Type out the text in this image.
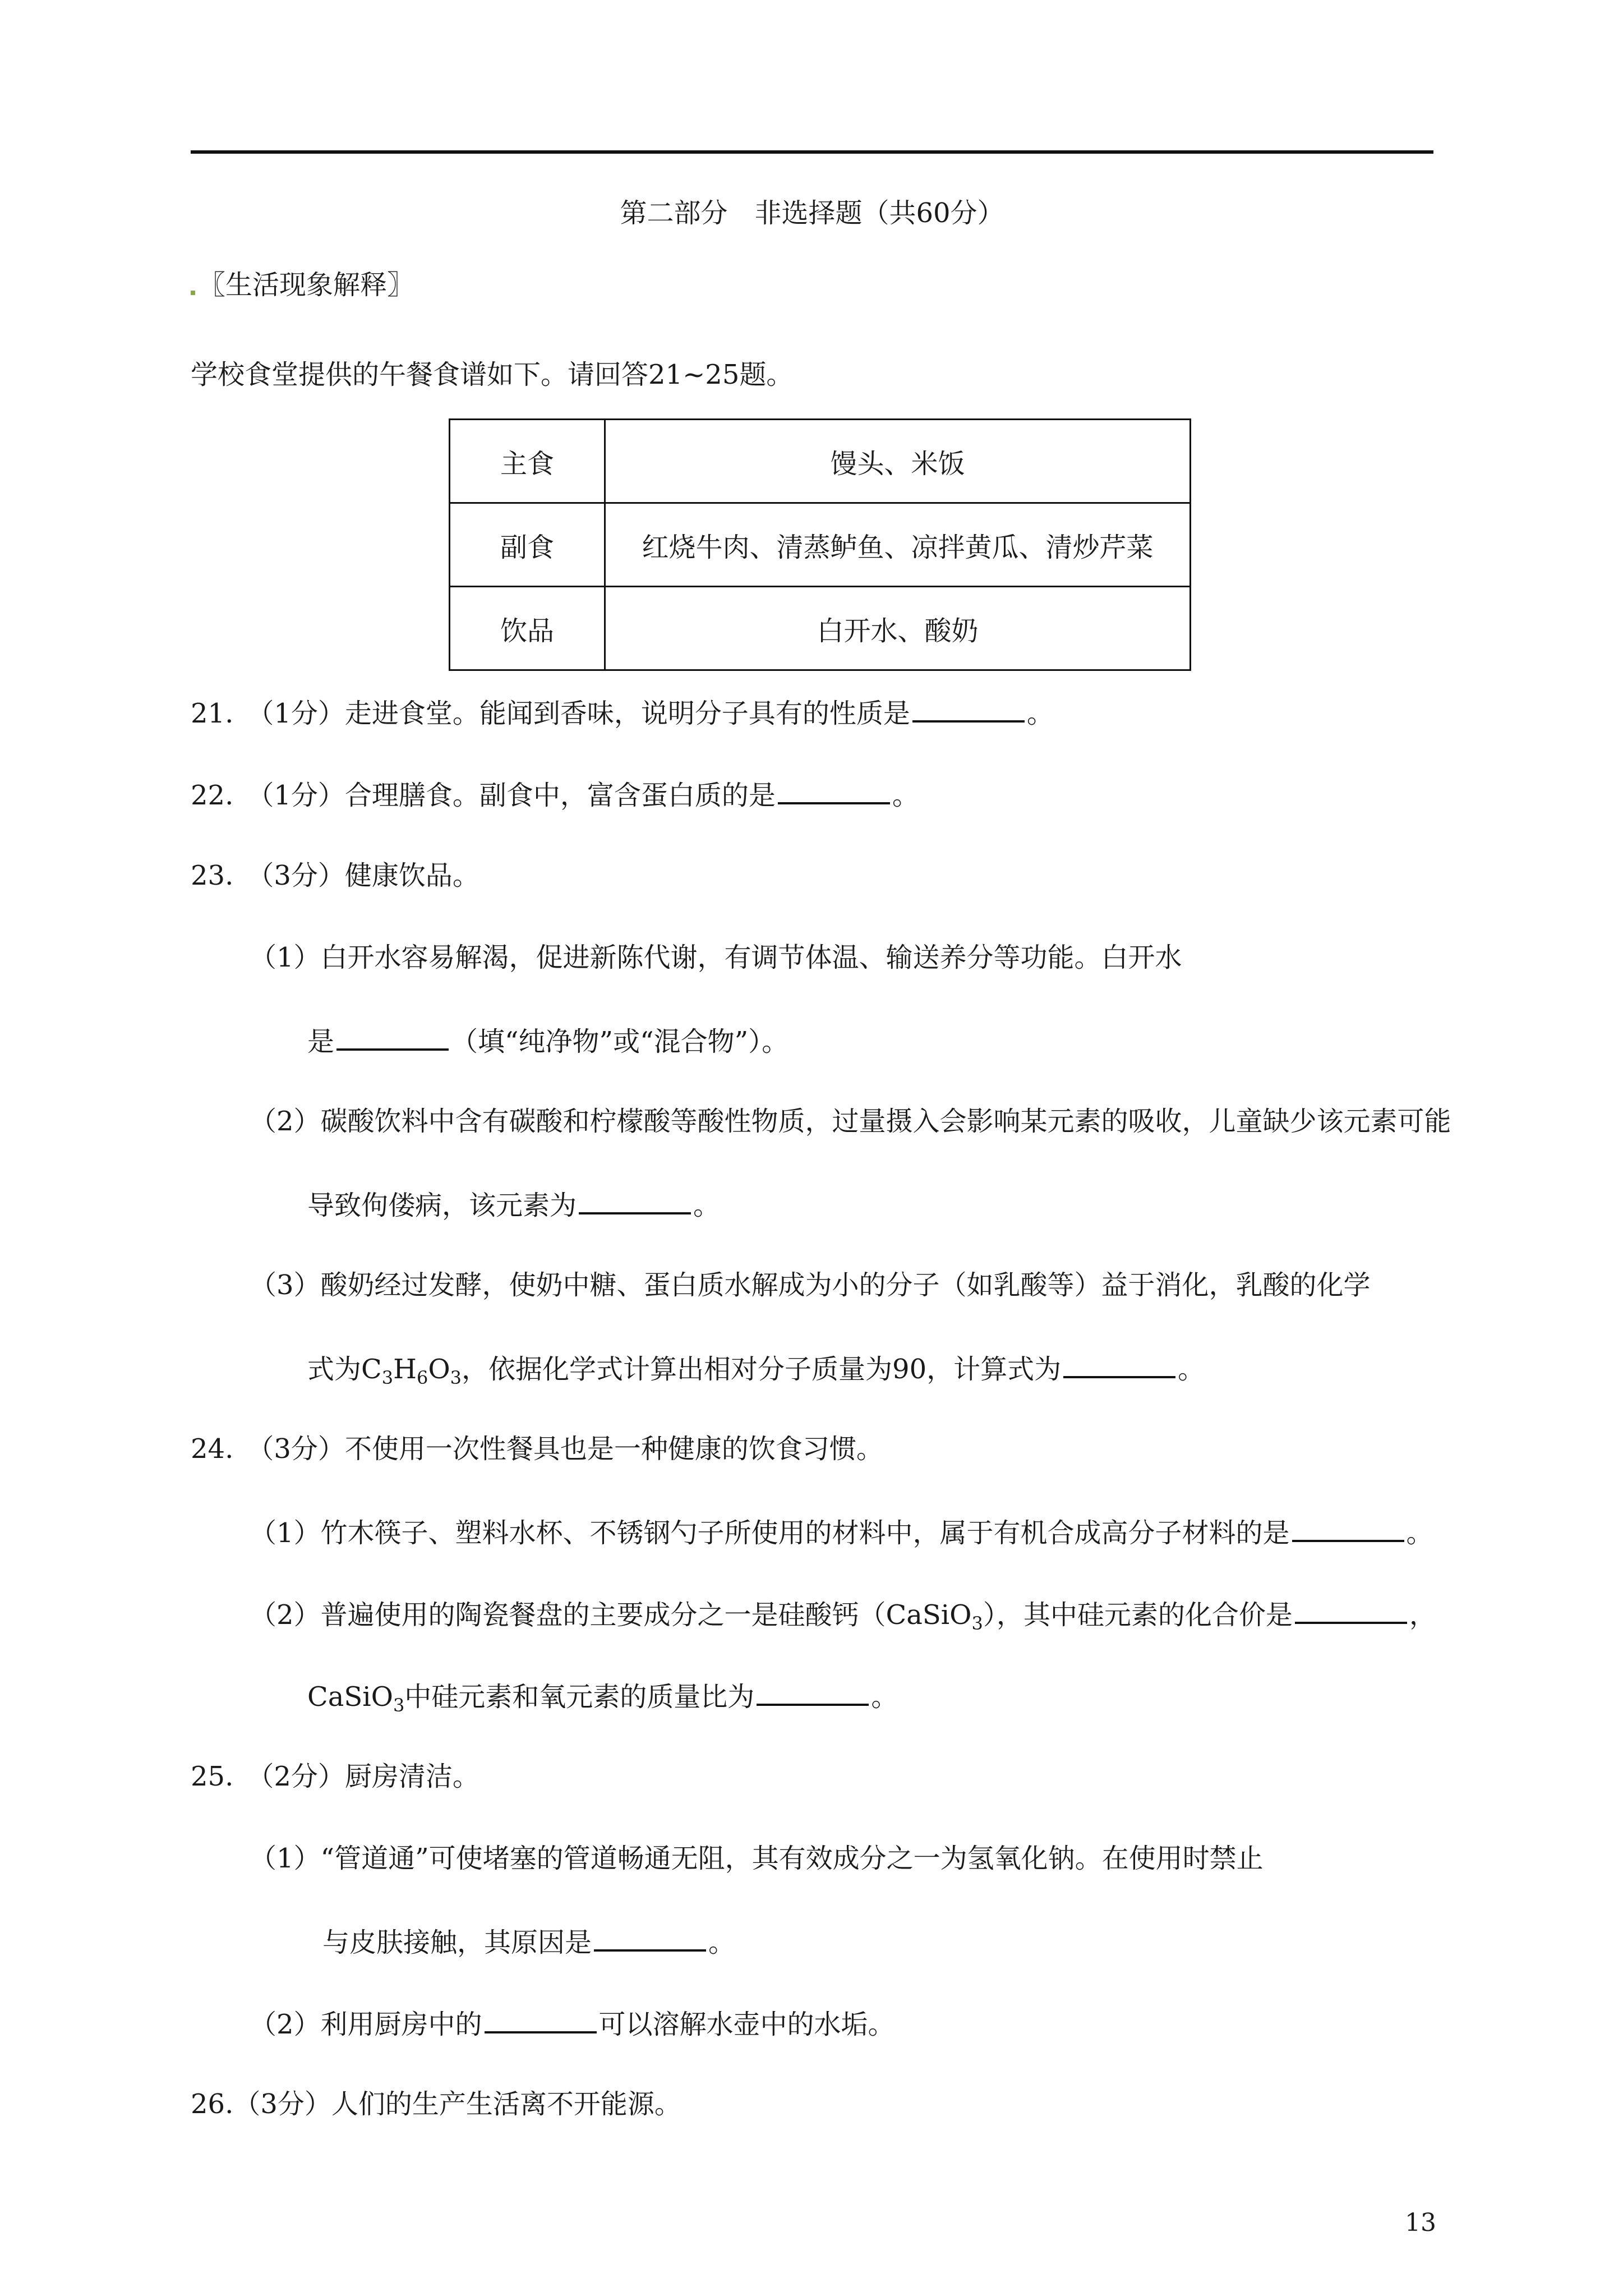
第二部分　非选择题（共60分）
〖生活现象解释〗
学校食堂提供的午餐食谱如下。请回答21~25题。
主食	馒头、米饭
副食	红烧牛肉、清蒸鲈鱼、凉拌黄瓜、清炒芹菜
饮品	白开水、酸奶
21. （1分）走进食堂。能闻到香味，说明分子具有的性质是	。
22. （1分）合理膳食。副食中，富含蛋白质的是	。
23. （3分）健康饮品。
（1）白开水容易解渴，促进新陈代谢，有调节体温、输送养分等功能。白开水
是	（填“纯净物”或“混合物”）。
（2）碳酸饮料中含有碳酸和柠檬酸等酸性物质，过量摄入会影响某元素的吸收，儿童缺少该元素可能
导致佝偻病，该元素为	。
（3）酸奶经过发酵，使奶中糖、蛋白质水解成为小的分子（如乳酸等）益于消化，乳酸的化学
式为$C_3H_6O_3$，依据化学式计算出相对分子质量为90，计算式为	。
24. （3分）不使用一次性餐具也是一种健康的饮食习惯。
（1）竹木筷子、塑料水杯、不锈钢勺子所使用的材料中，属于有机合成高分子材料的是	。
（2）普遍使用的陶瓷餐盘的主要成分之一是硅酸钙（CaSiO$_3$），其中硅元素的化合价是	，
CaSiO$_3$中硅元素和氧元素的质量比为	。
25. （2分）厨房清洁。
（1）“管道通”可使堵塞的管道畅通无阻，其有效成分之一为氢氧化钠。在使用时禁止
与皮肤接触，其原因是	。
（2）利用厨房中的	可以溶解水壶中的水垢。
26.（3分）人们的生产生活离不开能源。
13
